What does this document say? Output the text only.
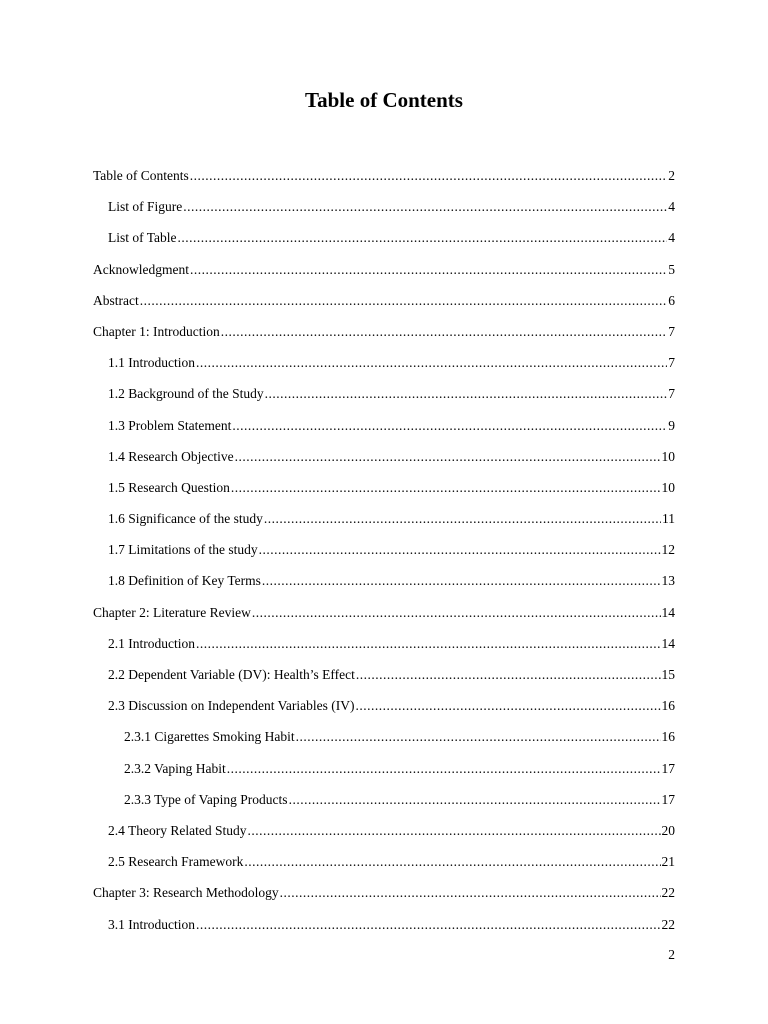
Table of Contents
Table of Contents .....	2
List of Figure .....	4
List of Table .....	4
Acknowledgment .....	5
Abstract .....	6
Chapter 1: Introduction .....	7
1.1 Introduction .....	7
1.2 Background of the Study .....	7
1.3 Problem Statement .....	9
1.4 Research Objective .....	10
1.5 Research Question .....	10
1.6 Significance of the study .....	11
1.7 Limitations of the study .....	12
1.8 Definition of Key Terms .....	13
Chapter 2: Literature Review .....	14
2.1 Introduction .....	14
2.2 Dependent Variable (DV): Health’s Effect .....	15
2.3 Discussion on Independent Variables (IV) .....	16
2.3.1 Cigarettes Smoking Habit .....	16
2.3.2 Vaping Habit .....	17
2.3.3 Type of Vaping Products .....	17
2.4 Theory Related Study .....	20
2.5 Research Framework .....	21
Chapter 3: Research Methodology .....	22
3.1 Introduction .....	22
2
